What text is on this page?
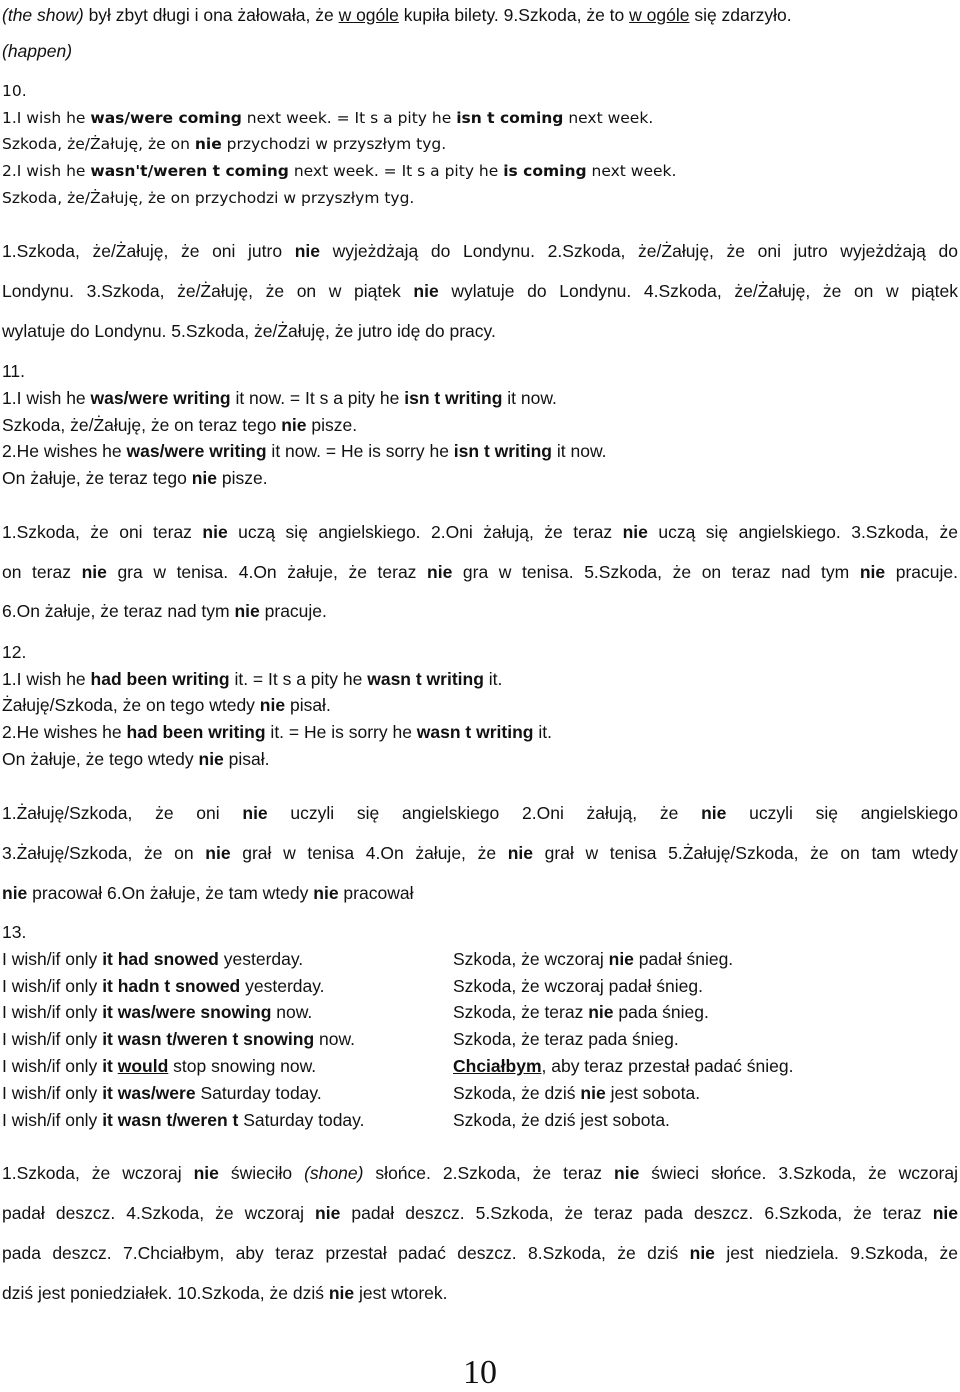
(the show) był zbyt długi i ona żałowała, że w ogóle kupiła bilety. 9.Szkoda, że to w ogóle się zdarzyło.
(happen)
10.
1.I wish he was/were coming next week. = It s a pity he isn t coming next week.
Szkoda, że/Żałuję, że on nie przychodzi w przyszłym tyg.
2.I wish he wasn't/weren t coming next week. = It s a pity he is coming next week.
Szkoda, że/Żałuję, że on przychodzi w przyszłym tyg.
1.Szkoda, że/Żałuję, że oni jutro nie wyjeżdżają do Londynu. 2.Szkoda, że/Żałuję, że oni jutro wyjeżdżają do
Londynu. 3.Szkoda, że/Żałuję, że on w piątek nie wylatuje do Londynu. 4.Szkoda, że/Żałuję, że on w piątek
wylatuje do Londynu. 5.Szkoda, że/Żałuję, że jutro idę do pracy.
11.
1.I wish he was/were writing it now. = It s a pity he isn t writing it now.
Szkoda, że/Żałuję, że on teraz tego nie pisze.
2.He wishes he was/were writing it now. = He is sorry he isn t writing it now.
On żałuje, że teraz tego nie pisze.
1.Szkoda, że oni teraz nie uczą się angielskiego. 2.Oni żałują, że teraz nie uczą się angielskiego. 3.Szkoda, że
on teraz nie gra w tenisa. 4.On żałuje, że teraz nie gra w tenisa. 5.Szkoda, że on teraz nad tym nie pracuje.
6.On żałuje, że teraz nad tym nie pracuje.
12.
1.I wish he had been writing it. = It s a pity he wasn t writing it.
Żałuję/Szkoda, że on tego wtedy nie pisał.
2.He wishes he had been writing it. = He is sorry he wasn t writing it.
On żałuje, że tego wtedy nie pisał.
1.Żałuję/Szkoda, że oni nie uczyli się angielskiego 2.Oni żałują, że nie uczyli się angielskiego
3.Żałuję/Szkoda, że on nie grał w tenisa 4.On żałuje, że nie grał w tenisa 5.Żałuję/Szkoda, że on tam wtedy
nie pracował 6.On żałuje, że tam wtedy nie pracował
13.
I wish/if only it had snowed yesterday.
I wish/if only it hadn t snowed yesterday.
I wish/if only it was/were snowing now.
I wish/if only it wasn t/weren t snowing now.
I wish/if only it would stop snowing now.
I wish/if only it was/were Saturday today.
I wish/if only it wasn t/weren t Saturday today.
Szkoda, że wczoraj nie padał śnieg.
Szkoda, że wczoraj padał śnieg.
Szkoda, że teraz nie pada śnieg.
Szkoda, że teraz pada śnieg.
Chciałbym, aby teraz przestał padać śnieg.
Szkoda, że dziś nie jest sobota.
Szkoda, że dziś jest sobota.
1.Szkoda, że wczoraj nie świeciło (shone) słońce. 2.Szkoda, że teraz nie świeci słońce. 3.Szkoda, że wczoraj
padał deszcz. 4.Szkoda, że wczoraj nie padał deszcz. 5.Szkoda, że teraz pada deszcz. 6.Szkoda, że teraz nie
pada deszcz. 7.Chciałbym, aby teraz przestał padać deszcz. 8.Szkoda, że dziś nie jest niedziela. 9.Szkoda, że
dziś jest poniedziałek. 10.Szkoda, że dziś nie jest wtorek.
10
